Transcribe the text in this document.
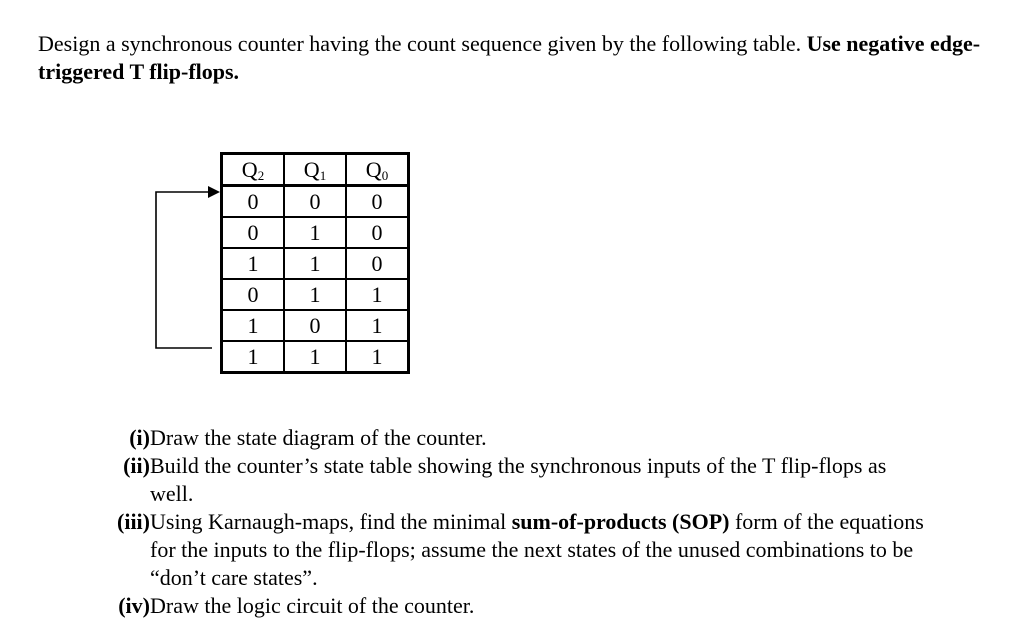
Design a synchronous counter having the count sequence given by the following table. Use negative edge-triggered T flip-flops.

$Q_2$	$Q_1$	$Q_0$
0	0	0
0	1	0
1	1	0
0	1	1
1	0	1
1	1	1
(i) Draw the state diagram of the counter.
(ii) Build the counter’s state table showing the synchronous inputs of the T flip-flops as well.
(iii) Using Karnaugh-maps, find the minimal sum-of-products (SOP) form of the equations for the inputs to the flip-flops; assume the next states of the unused combinations to be “don’t care states”.
(iv) Draw the logic circuit of the counter.
